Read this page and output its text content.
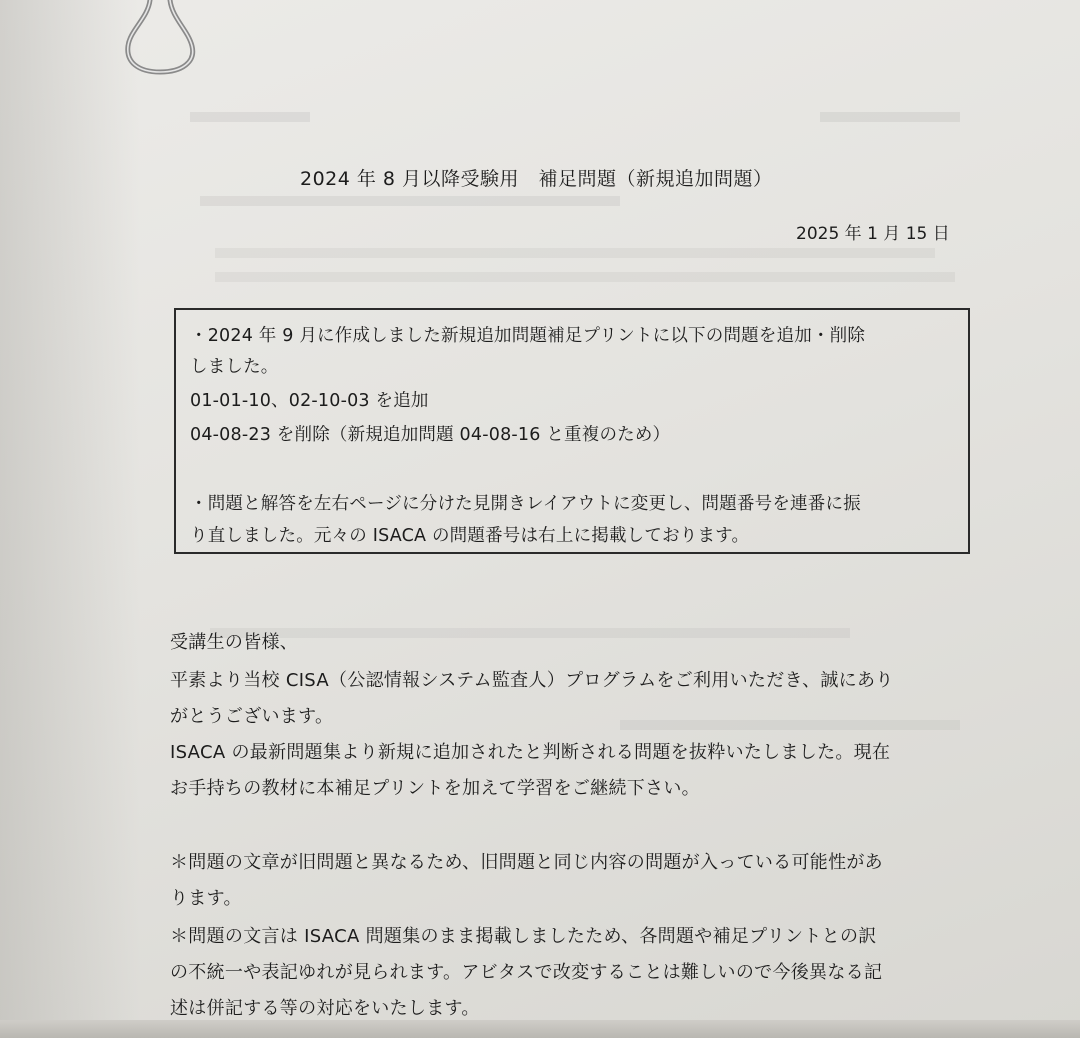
2024 年 8 月以降受験用　補足問題（新規追加問題）
2025 年 1 月 15 日
・2024 年 9 月に作成しました新規追加問題補足プリントに以下の問題を追加・削除
しました。
01-01-10、02-10-03 を追加
04-08-23 を削除（新規追加問題 04-08-16 と重複のため）
・問題と解答を左右ページに分けた見開きレイアウトに変更し、問題番号を連番に振
り直しました。元々の ISACA の問題番号は右上に掲載しております。
受講生の皆様、
平素より当校 CISA（公認情報システム監査人）プログラムをご利用いただき、誠にあり
がとうございます。
ISACA の最新問題集より新規に追加されたと判断される問題を抜粋いたしました。現在
お手持ちの教材に本補足プリントを加えて学習をご継続下さい。
＊問題の文章が旧問題と異なるため、旧問題と同じ内容の問題が入っている可能性があ
ります。
＊問題の文言は ISACA 問題集のまま掲載しましたため、各問題や補足プリントとの訳
の不統一や表記ゆれが見られます。アビタスで改変することは難しいので今後異なる記
述は併記する等の対応をいたします。
